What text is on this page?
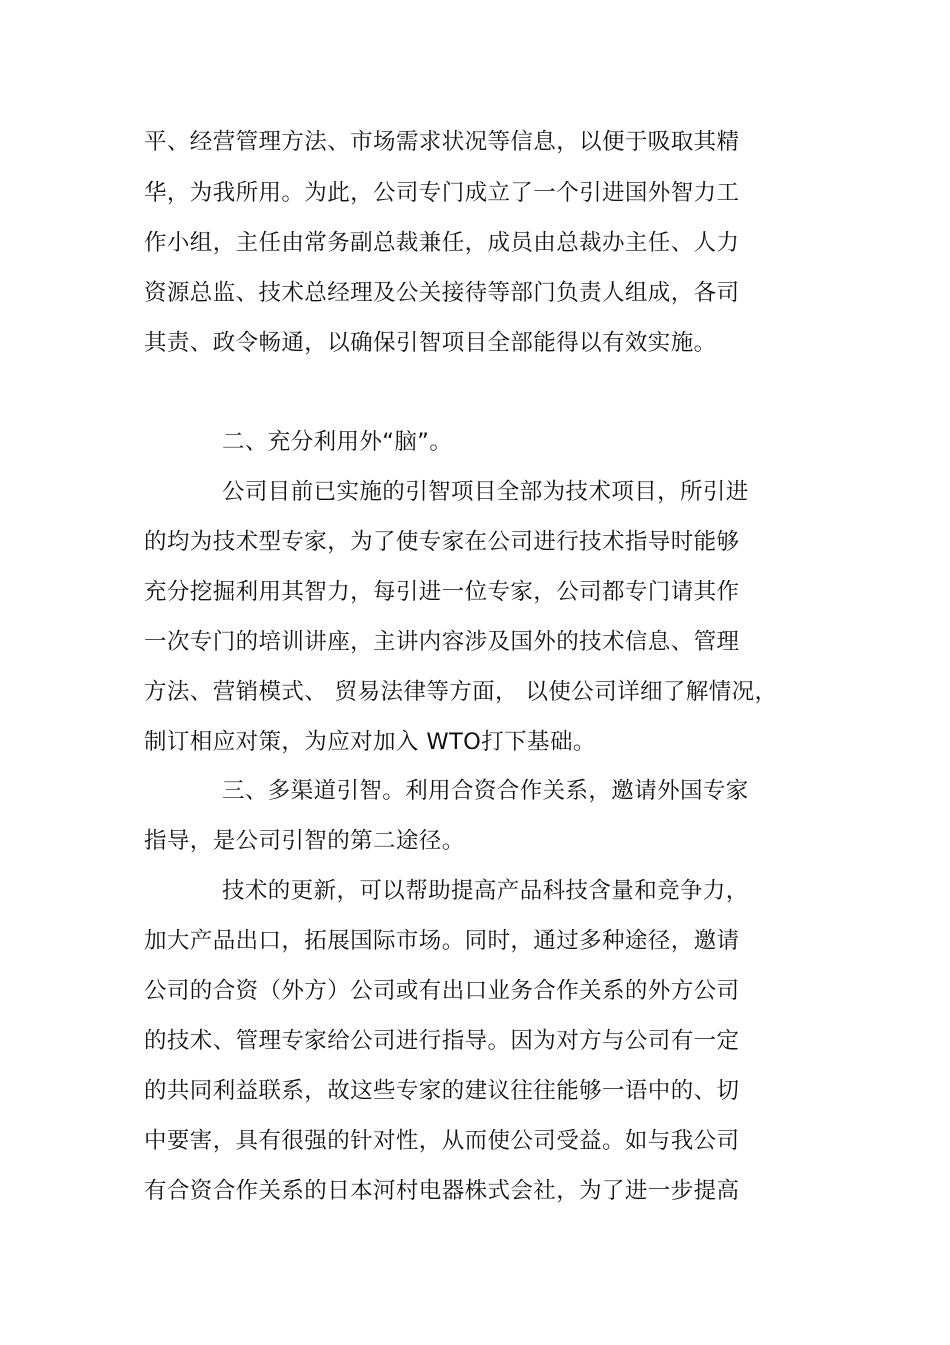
平、经营管理方法、市场需求状况等信息，以便于吸取其精
华，为我所用。为此，公司专门成立了一个引进国外智力工
作小组，主任由常务副总裁兼任，成员由总裁办主任、人力
资源总监、技术总经理及公关接待等部门负责人组成，各司
其责、政令畅通，以确保引智项目全部能得以有效实施。
二、充分利用外“脑”。
公司目前已实施的引智项目全部为技术项目，所引进
的均为技术型专家，为了使专家在公司进行技术指导时能够
充分挖掘利用其智力，每引进一位专家，公司都专门请其作
一次专门的培训讲座，主讲内容涉及国外的技术信息、管理
方法、营销模式、 贸易法律等方面， 以使公司详细了解情况，
制订相应对策，为应对加入 WTO打下基础。
三、多渠道引智。利用合资合作关系，邀请外国专家
指导，是公司引智的第二途径。
技术的更新，可以帮助提高产品科技含量和竞争力，
加大产品出口，拓展国际市场。同时，通过多种途径，邀请
公司的合资（外方）公司或有出口业务合作关系的外方公司
的技术、管理专家给公司进行指导。因为对方与公司有一定
的共同利益联系，故这些专家的建议往往能够一语中的、切
中要害，具有很强的针对性，从而使公司受益。如与我公司
有合资合作关系的日本河村电器株式会社，为了进一步提高
